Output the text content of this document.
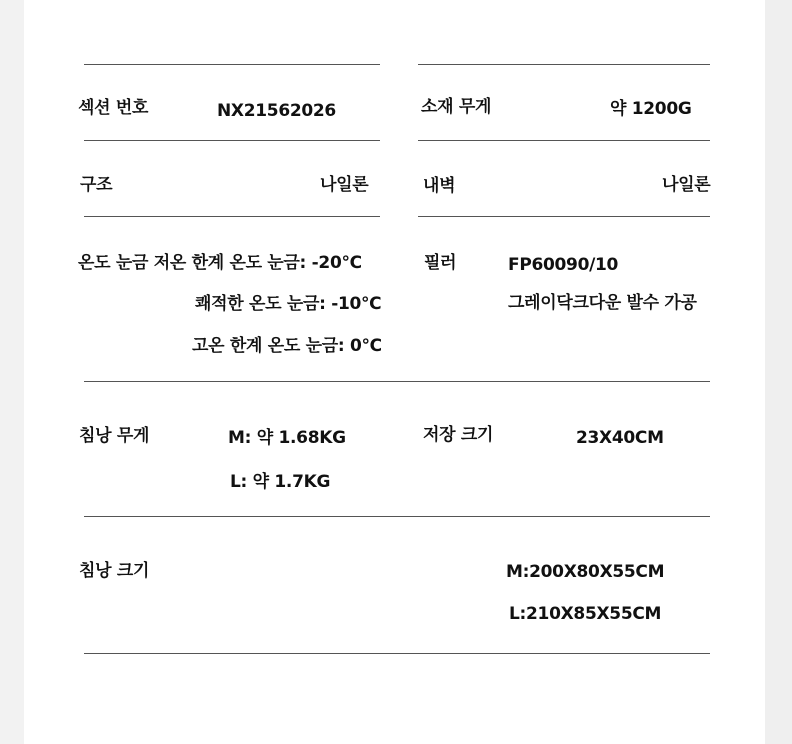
섹션 번호	NX21562026	소재 무게	약 1200G
구조	나일론	내벽	나일론
온도 눈금 저온 한계 온도 눈금: -20℃
쾌적한 온도 눈금: -10℃
고온 한계 온도 눈금: 0℃
필러	FP60090/10
그레이닥크다운 발수 가공
침낭 무게	M: 약 1.68KG
L: 약 1.7KG
저장 크기	23X40CM
침낭 크기	M:200X80X55CM
L:210X85X55CM
